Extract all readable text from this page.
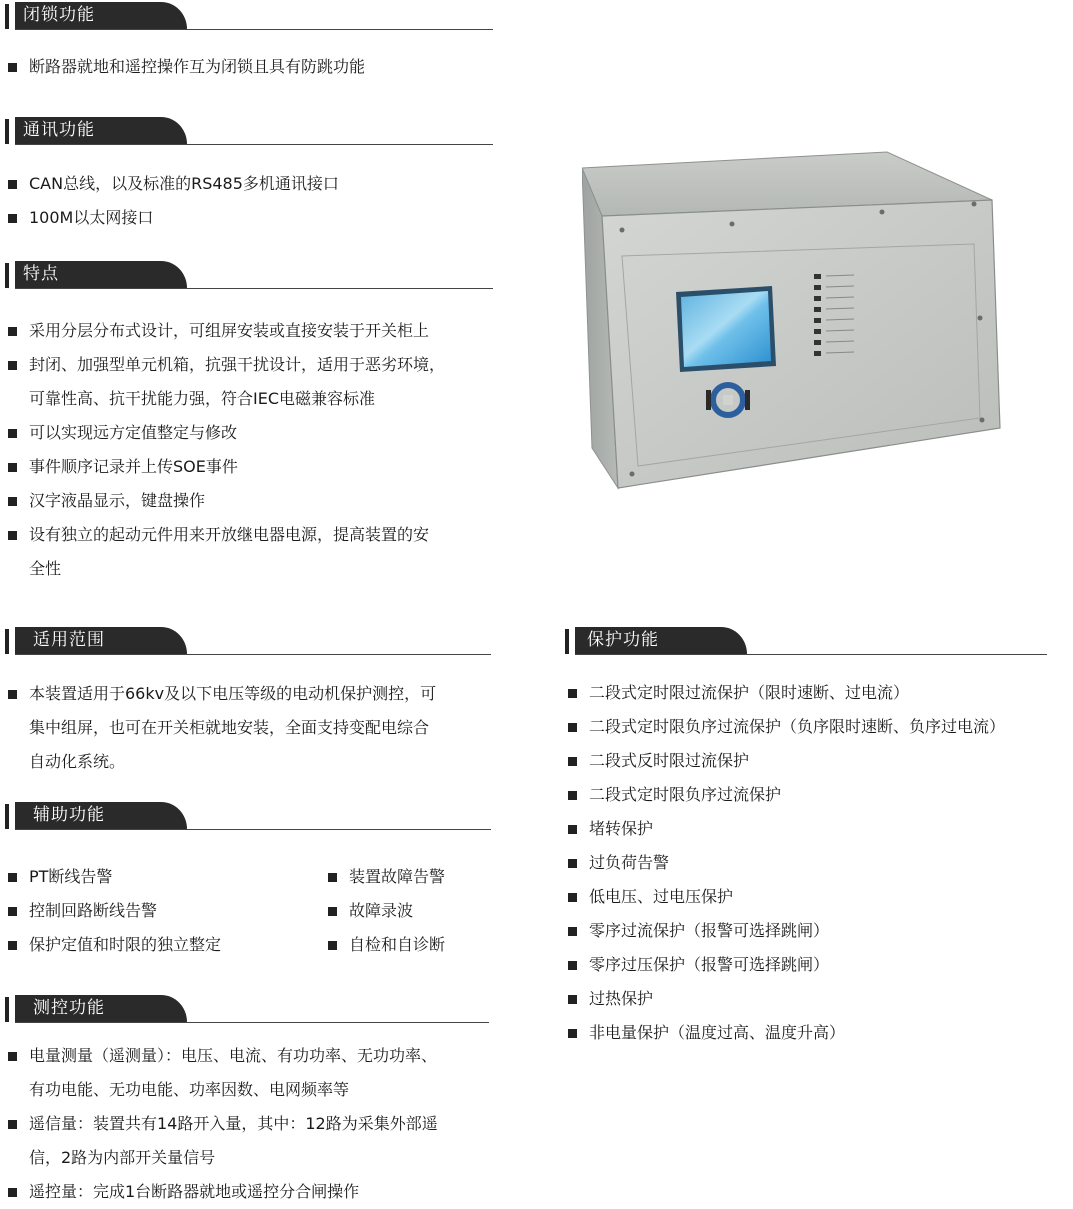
闭锁功能
断路器就地和遥控操作互为闭锁且具有防跳功能
通讯功能
CAN总线，以及标准的RS485多机通讯接口
100M以太网接口
特点
采用分层分布式设计，可组屏安装或直接安装于开关柜上
封闭、加强型单元机箱，抗强干扰设计，适用于恶劣环境，
可靠性高、抗干扰能力强，符合IEC电磁兼容标准
可以实现远方定值整定与修改
事件顺序记录并上传SOE事件
汉字液晶显示，键盘操作
设有独立的起动元件用来开放继电器电源，提高装置的安
全性
适用范围
本装置适用于66kv及以下电压等级的电动机保护测控，可
集中组屏，也可在开关柜就地安装，全面支持变配电综合
自动化系统。
辅助功能
PT断线告警	装置故障告警
控制回路断线告警	故障录波
保护定值和时限的独立整定	自检和自诊断
测控功能
电量测量（遥测量）：电压、电流、有功功率、无功功率、
有功电能、无功电能、功率因数、电网频率等
遥信量：装置共有14路开入量，其中：12路为采集外部遥
信，2路为内部开关量信号
遥控量：完成1台断路器就地或遥控分合闸操作
保护功能
二段式定时限过流保护（限时速断、过电流）
二段式定时限负序过流保护（负序限时速断、负序过电流）
二段式反时限过流保护
二段式定时限负序过流保护
堵转保护
过负荷告警
低电压、过电压保护
零序过流保护（报警可选择跳闸）
零序过压保护（报警可选择跳闸）
过热保护
非电量保护（温度过高、温度升高）
